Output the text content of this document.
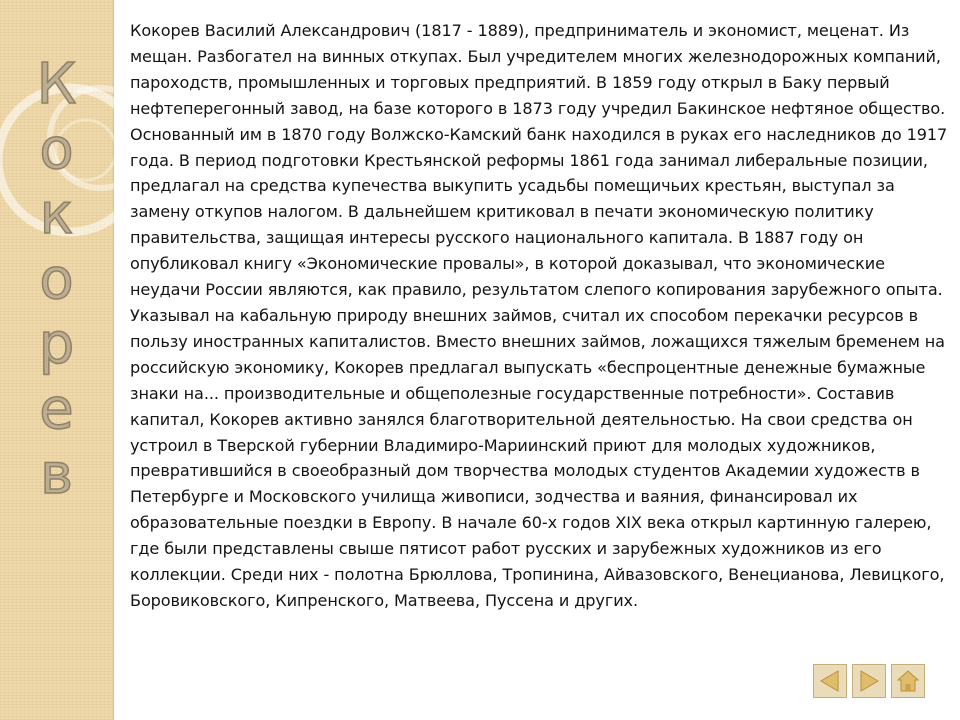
К
о
к
о
р
е
в

Кокорев Василий Александрович (1817 - 1889), предприниматель и экономист, меценат. Из мещан. Разбогател на винных откупах. Был учредителем многих железнодорожных компаний, пароходств, промышленных и торговых предприятий. В 1859 году открыл в Баку первый нефтеперегонный завод, на базе которого в 1873 году учредил Бакинское нефтяное общество. Основанный им в 1870 году Волжско-Камский банк находился в руках его наследников до 1917 года. В период подготовки Крестьянской реформы 1861 года занимал либеральные позиции, предлагал на средства купечества выкупить усадьбы помещичьих крестьян, выступал за замену откупов налогом. В дальнейшем критиковал в печати экономическую политику правительства, защищая интересы русского национального капитала. В 1887 году он опубликовал книгу «Экономические провалы», в которой доказывал, что экономические неудачи России являются, как правило, результатом слепого копирования зарубежного опыта. Указывал на кабальную природу внешних займов, считал их способом перекачки ресурсов в пользу иностранных капиталистов. Вместо внешних займов, ложащихся тяжелым бременем на российскую экономику, Кокорев предлагал выпускать «беспроцентные денежные бумажные знаки на... производительные и общеполезные государственные потребности». Составив капитал, Кокорев активно занялся благотворительной деятельностью. На свои средства он устроил в Тверской губернии Владимиро-Мариинский приют для молодых художников, превратившийся в своеобразный дом творчества молодых студентов Академии художеств в Петербурге и Московского училища живописи, зодчества и ваяния, финансировал их образовательные поездки в Европу. В начале 60-х годов XIX века открыл картинную галерею, где были представлены свыше пятисот работ русских и зарубежных художников из его коллекции. Среди них - полотна Брюллова, Тропинина, Айвазовского, Венецианова, Левицкого, Боровиковского, Кипренского, Матвеева, Пуссена и других.
